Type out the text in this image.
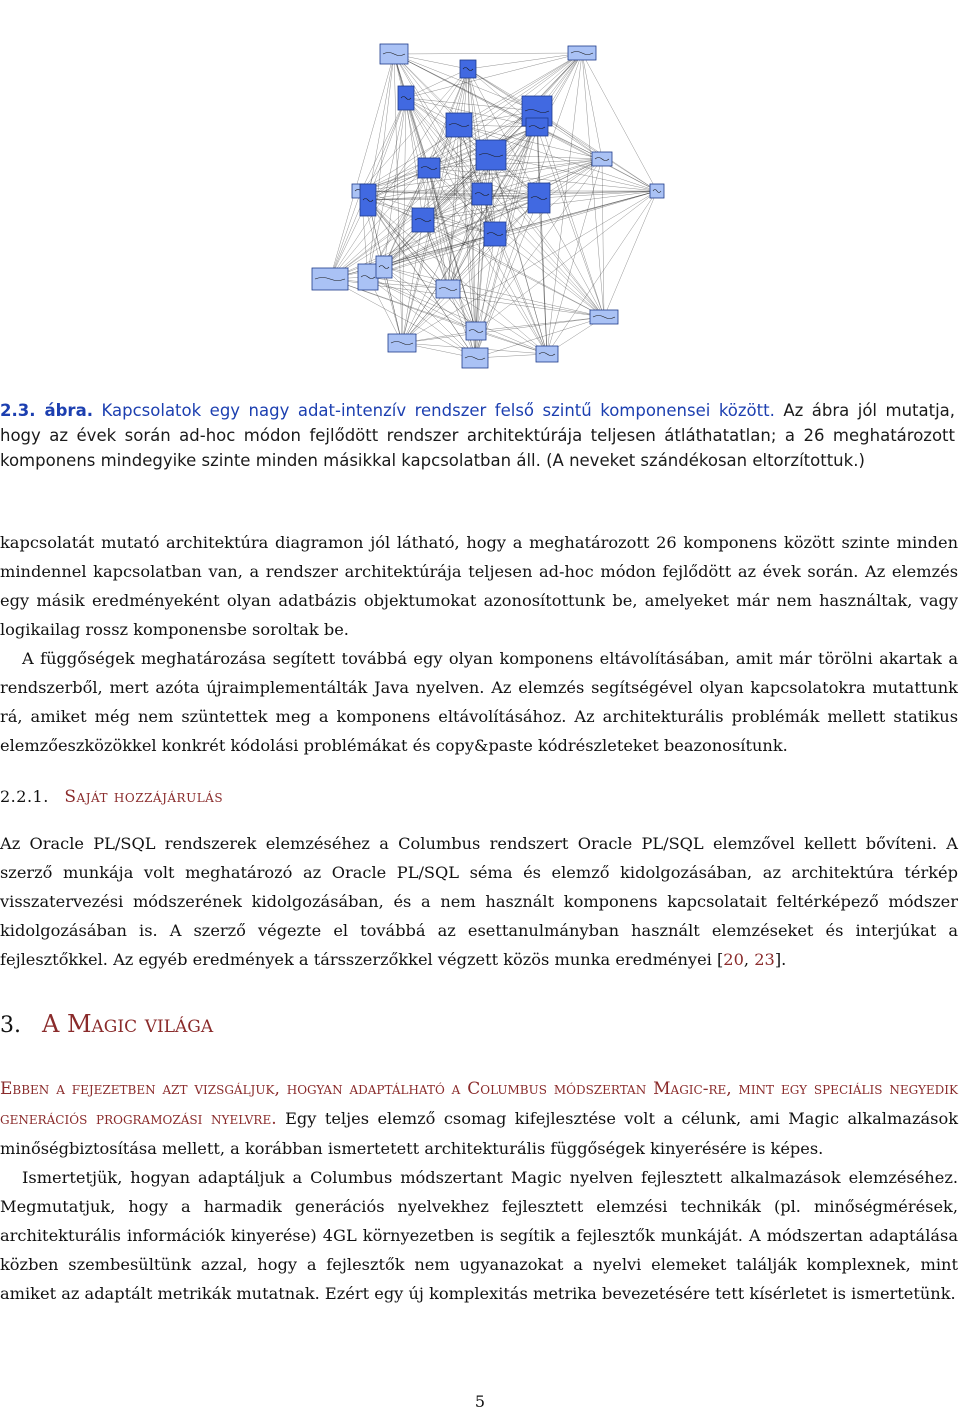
2.3. ábra. Kapcsolatok egy nagy adat-intenzív rendszer felső szintű komponensei között. Az ábra jól mutatja, hogy az évek során ad-hoc módon fejlődött rendszer architektúrája teljesen átláthatatlan; a 26 meghatározott komponens mindegyike szinte minden másikkal kapcsolatban áll. (A neveket szándékosan eltorzítottuk.)

kapcsolatát mutató architektúra diagramon jól látható, hogy a meghatározott 26 komponens között szinte minden mindennel kapcsolatban van, a rendszer architektúrája teljesen ad-hoc módon fejlődött az évek során. Az elemzés egy másik eredményeként olyan adatbázis objektumokat azonosítottunk be, amelyeket már nem használtak, vagy logikailag rossz komponensbe soroltak be.

A függőségek meghatározása segített továbbá egy olyan komponens eltávolításában, amit már törölni akartak a rendszerből, mert azóta újraimplementálták Java nyelven. Az elemzés segítségével olyan kapcsolatokra mutattunk rá, amiket még nem szüntettek meg a komponens eltávolításához. Az architekturális problémák mellett statikus elemzőeszközökkel konkrét kódolási problémákat és copy&paste kódrészleteket beazonosítunk.

2.2.1. Saját hozzájárulás

Az Oracle PL/SQL rendszerek elemzéséhez a Columbus rendszert Oracle PL/SQL elemzővel kellett bővíteni. A szerző munkája volt meghatározó az Oracle PL/SQL séma és elemző kidolgozásában, az architektúra térkép visszatervezési módszerének kidolgozásában, és a nem használt komponens kapcsolatait feltérképező módszer kidolgozásában is. A szerző végezte el továbbá az esettanulmányban használt elemzéseket és interjúkat a fejlesztőkkel. Az egyéb eredmények a társszerzőkkel végzett közös munka eredményei [20, 23].

3. A Magic világa

Ebben a fejezetben azt vizsgáljuk, hogyan adaptálható a Columbus módszertan Magic-re, mint egy speciális negyedik generációs programozási nyelvre. Egy teljes elemző csomag kifejlesztése volt a célunk, ami Magic alkalmazások minőségbiztosítása mellett, a korábban ismertetett architekturális függőségek kinyerésére is képes.

Ismertetjük, hogyan adaptáljuk a Columbus módszertant Magic nyelven fejlesztett alkalmazások elemzéséhez. Megmutatjuk, hogy a harmadik generációs nyelvekhez fejlesztett elemzési technikák (pl. minőségmérések, architekturális információk kinyerése) 4GL környezetben is segítik a fejlesztők munkáját. A módszertan adaptálása közben szembesültünk azzal, hogy a fejlesztők nem ugyanazokat a nyelvi elemeket találják komplexnek, mint amiket az adaptált metrikák mutatnak. Ezért egy új komplexitás metrika bevezetésére tett kísérletet is ismertetünk.

5
